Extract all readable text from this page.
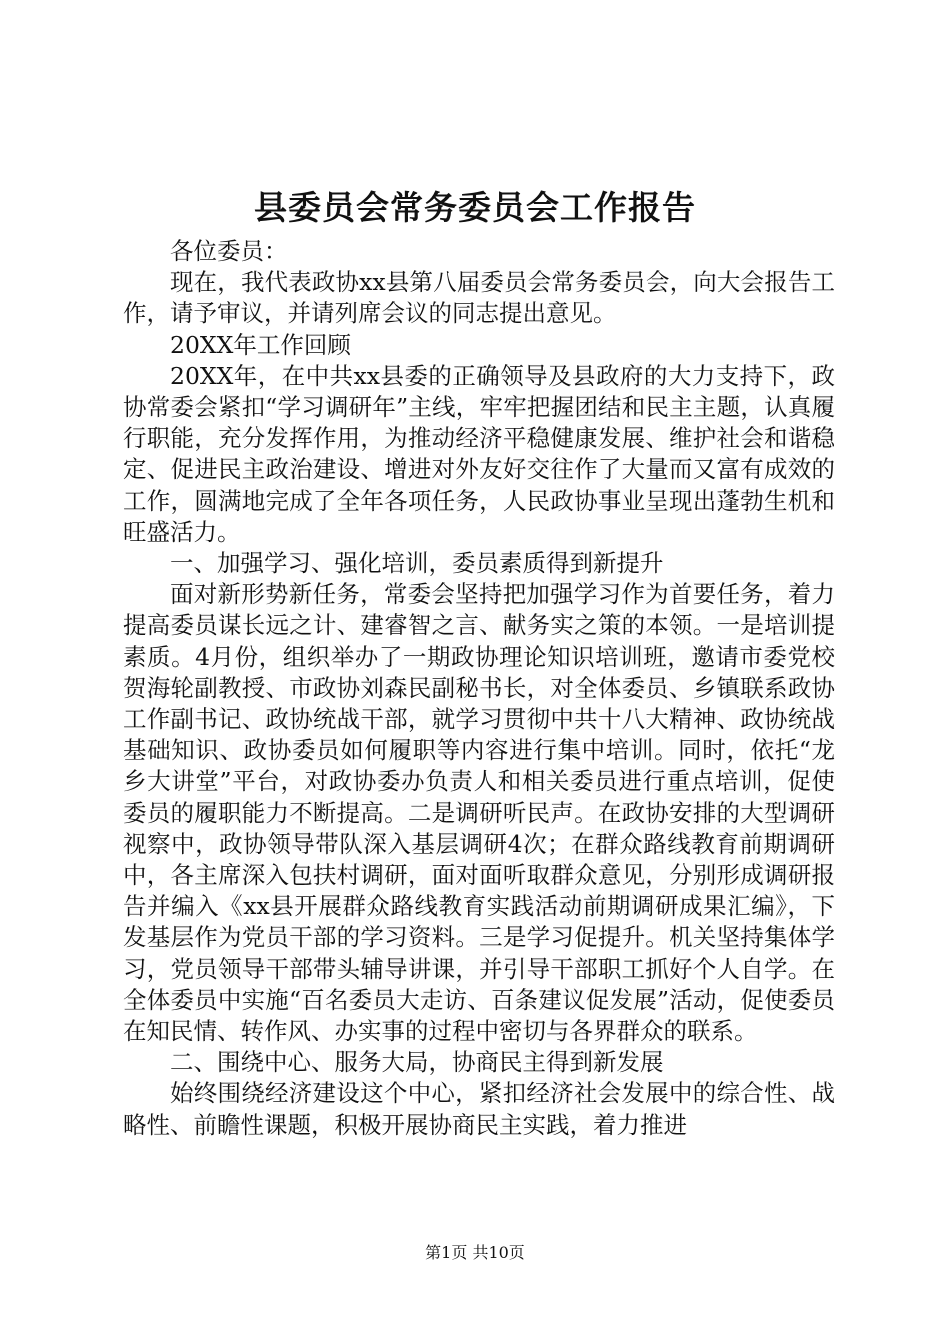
县委员会常务委员会工作报告

各位委员：

现在，我代表政协xx县第八届委员会常务委员会，向大会报告工作，请予审议，并请列席会议的同志提出意见。

20XX年工作回顾

20XX年，在中共xx县委的正确领导及县政府的大力支持下，政协常委会紧扣“学习调研年”主线，牢牢把握团结和民主主题，认真履行职能，充分发挥作用，为推动经济平稳健康发展、维护社会和谐稳定、促进民主政治建设、增进对外友好交往作了大量而又富有成效的工作，圆满地完成了全年各项任务，人民政协事业呈现出蓬勃生机和旺盛活力。

一、加强学习、强化培训，委员素质得到新提升

面对新形势新任务，常委会坚持把加强学习作为首要任务，着力提高委员谋长远之计、建睿智之言、献务实之策的本领。一是培训提素质。4月份，组织举办了一期政协理论知识培训班，邀请市委党校贺海轮副教授、市政协刘森民副秘书长，对全体委员、乡镇联系政协工作副书记、政协统战干部，就学习贯彻中共十八大精神、政协统战基础知识、政协委员如何履职等内容进行集中培训。同时，依托“龙乡大讲堂”平台，对政协委办负责人和相关委员进行重点培训，促使委员的履职能力不断提高。二是调研听民声。在政协安排的大型调研视察中，政协领导带队深入基层调研4次；在群众路线教育前期调研中，各主席深入包扶村调研，面对面听取群众意见，分别形成调研报告并编入《xx县开展群众路线教育实践活动前期调研成果汇编》，下发基层作为党员干部的学习资料。三是学习促提升。机关坚持集体学习，党员领导干部带头辅导讲课，并引导干部职工抓好个人自学。在全体委员中实施“百名委员大走访、百条建议促发展”活动，促使委员在知民情、转作风、办实事的过程中密切与各界群众的联系。

二、围绕中心、服务大局，协商民主得到新发展

始终围绕经济建设这个中心，紧扣经济社会发展中的综合性、战略性、前瞻性课题，积极开展协商民主实践，着力推进

第1页 共10页
